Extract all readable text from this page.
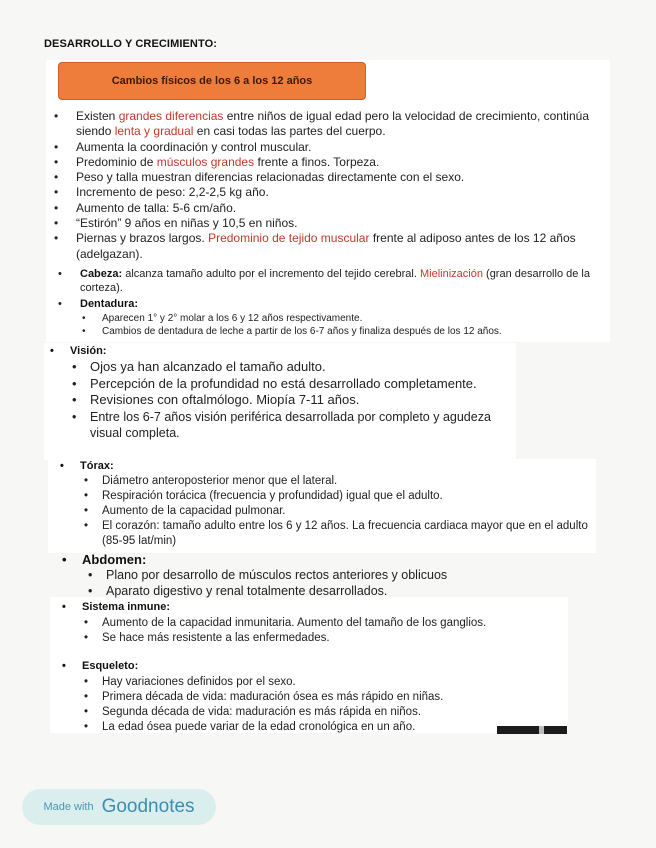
DESARROLLO Y CRECIMIENTO:
Cambios físicos de los 6 a los 12 años
• Existen grandes diferencias entre niños de igual edad pero la velocidad de crecimiento, continúa siendo lenta y gradual en casi todas las partes del cuerpo.
• Aumenta la coordinación y control muscular.
• Predominio de músculos grandes frente a finos. Torpeza.
• Peso y talla muestran diferencias relacionadas directamente con el sexo.
• Incremento de peso: 2,2-2,5 kg año.
• Aumento de talla: 5-6 cm/año.
• “Estirón” 9 años en niñas y 10,5 en niños.
• Piernas y brazos largos. Predominio de tejido muscular frente al adiposo antes de los 12 años (adelgazan).
• Cabeza: alcanza tamaño adulto por el incremento del tejido cerebral. Mielinización (gran desarrollo de la corteza).
• Dentadura:
• Aparecen 1° y 2° molar a los 6 y 12 años respectivamente.
• Cambios de dentadura de leche a partir de los 6-7 años y finaliza después de los 12 años.
• Visión:
• Ojos ya han alcanzado el tamaño adulto.
• Percepción de la profundidad no está desarrollado completamente.
• Revisiones con oftalmólogo. Miopía 7-11 años.
• Entre los 6-7 años visión periférica desarrollada por completo y agudeza visual completa.
• Tórax:
• Diámetro anteroposterior menor que el lateral.
• Respiración torácica (frecuencia y profundidad) igual que el adulto.
• Aumento de la capacidad pulmonar.
• El corazón: tamaño adulto entre los 6 y 12 años. La frecuencia cardiaca mayor que en el adulto (85-95 lat/min)
• Abdomen:
• Plano por desarrollo de músculos rectos anteriores y oblicuos
• Aparato digestivo y renal totalmente desarrollados.
• Sistema inmune:
• Aumento de la capacidad inmunitaria. Aumento del tamaño de los ganglios.
• Se hace más resistente a las enfermedades.
• Esqueleto:
• Hay variaciones definidos por el sexo.
• Primera década de vida: maduración ósea es más rápido en niñas.
• Segunda década de vida: maduración es más rápida en niños.
• La edad ósea puede variar de la edad cronológica en un año.
Made with Goodnotes
